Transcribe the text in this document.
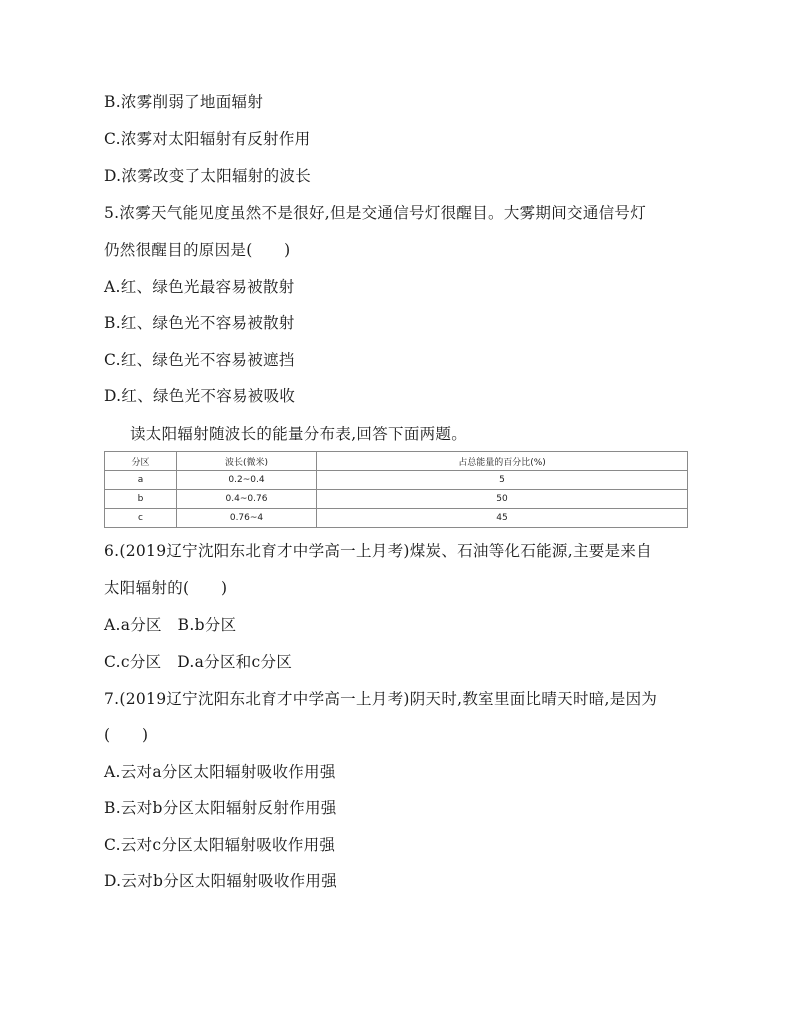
B.浓雾削弱了地面辐射
C.浓雾对太阳辐射有反射作用
D.浓雾改变了太阳辐射的波长
5.浓雾天气能见度虽然不是很好,但是交通信号灯很醒目。大雾期间交通信号灯
仍然很醒目的原因是(　　)
A.红、绿色光最容易被散射
B.红、绿色光不容易被散射
C.红、绿色光不容易被遮挡
D.红、绿色光不容易被吸收
读太阳辐射随波长的能量分布表,回答下面两题。
分区	波长(微米)	占总能量的百分比(%)
a	0.2~0.4	5
b	0.4~0.76	50
c	0.76~4	45
6.(2019辽宁沈阳东北育才中学高一上月考)煤炭、石油等化石能源,主要是来自
太阳辐射的(　　)
A.a分区　B.b分区
C.c分区　D.a分区和c分区
7.(2019辽宁沈阳东北育才中学高一上月考)阴天时,教室里面比晴天时暗,是因为
(　　)
A.云对a分区太阳辐射吸收作用强
B.云对b分区太阳辐射反射作用强
C.云对c分区太阳辐射吸收作用强
D.云对b分区太阳辐射吸收作用强
